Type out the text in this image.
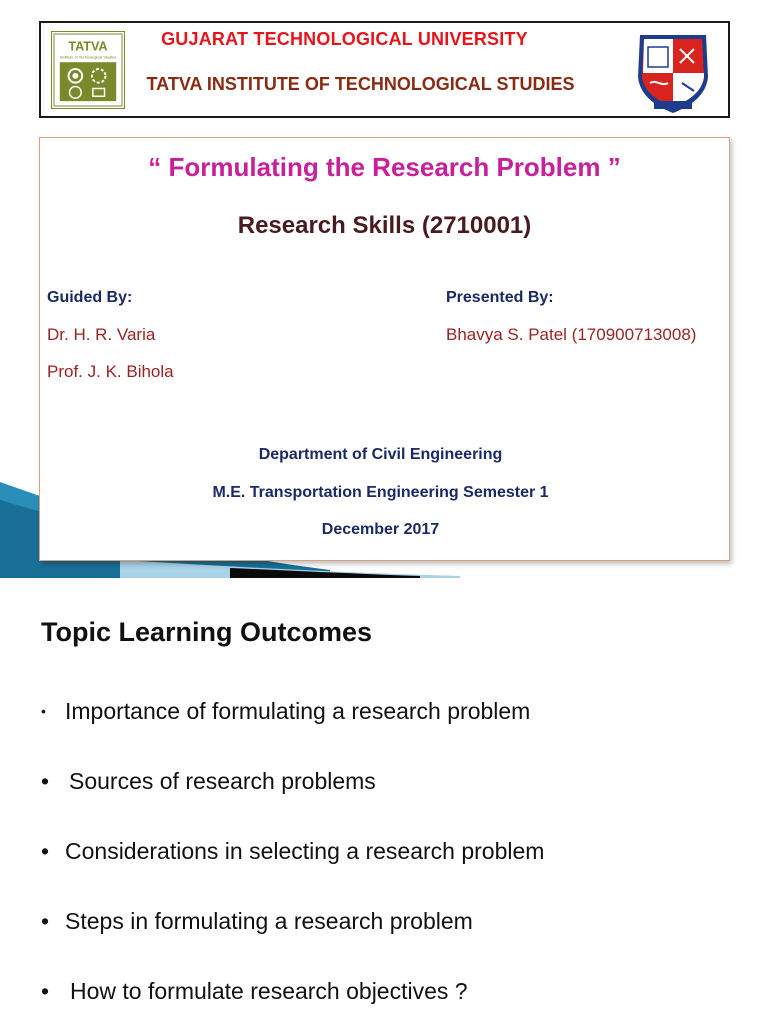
TATVA
Institute of Technological Studies
GUJARAT TECHNOLOGICAL UNIVERSITY
TATVA INSTITUTE OF TECHNOLOGICAL STUDIES
“ Formulating the Research Problem ”
Research Skills (2710001)
Guided By:
Dr. H. R. Varia
Prof. J. K. Bihola
Presented By:
Bhavya S. Patel (170900713008)
Department of Civil Engineering
M.E. Transportation Engineering Semester 1
December 2017
Topic Learning Outcomes
• Importance of formulating a research problem
• Sources of research problems
• Considerations in selecting a research problem
• Steps in formulating a research problem
• How to formulate research objectives ?
